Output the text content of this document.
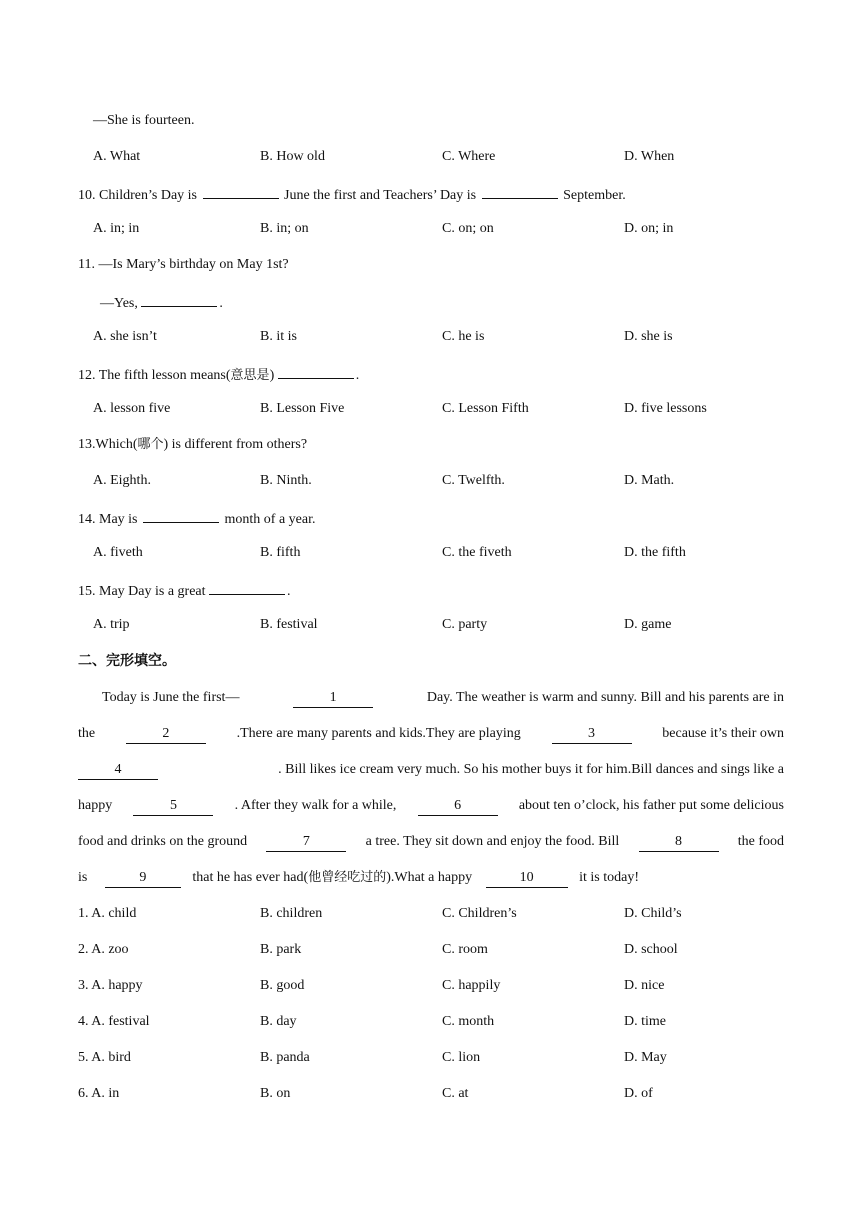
—She is fourteen.
A. What	B. How old	C. Where	D. When
10. Children’s Day is	June the first and Teachers’ Day is	September.
A. in; in	B. in; on	C. on; on	D. on; in
11. —Is Mary’s birthday on May 1st?
—Yes,	.
A. she isn’t	B. it is	C. he is	D. she is
12. The fifth lesson means(意思是)	.
A. lesson five	B. Lesson Five	C. Lesson Fifth	D. five lessons
13.Which(哪个) is different from others?
A. Eighth.	B. Ninth.	C. Twelfth.	D. Math.
14. May is	month of a year.
A. fiveth	B. fifth	C. the fiveth	D. the fifth
15. May Day is a great	.
A. trip	B. festival	C. party	D. game
二、完形填空。
Today is June the first—	1	Day. The weather is warm and sunny. Bill and his parents are in
the	2	.There are many parents and kids.They are playing	3	because it’s their own
4	. Bill likes ice cream very much. So his mother buys it for him.Bill dances and sings like a
happy	5	. After they walk for a while,	6	about ten o’clock, his father put some delicious
food and drinks on the ground	7	a tree. They sit down and enjoy the food. Bill	8	the food
is	9	that he has ever had(他曾经吃过的).What a happy	10	it is today!
1. A. child	B. children	C. Children’s	D. Child’s
2. A. zoo	B. park	C. room	D. school
3. A. happy	B. good	C. happily	D. nice
4. A. festival	B. day	C. month	D. time
5. A. bird	B. panda	C. lion	D. May
6. A. in	B. on	C. at	D. of
